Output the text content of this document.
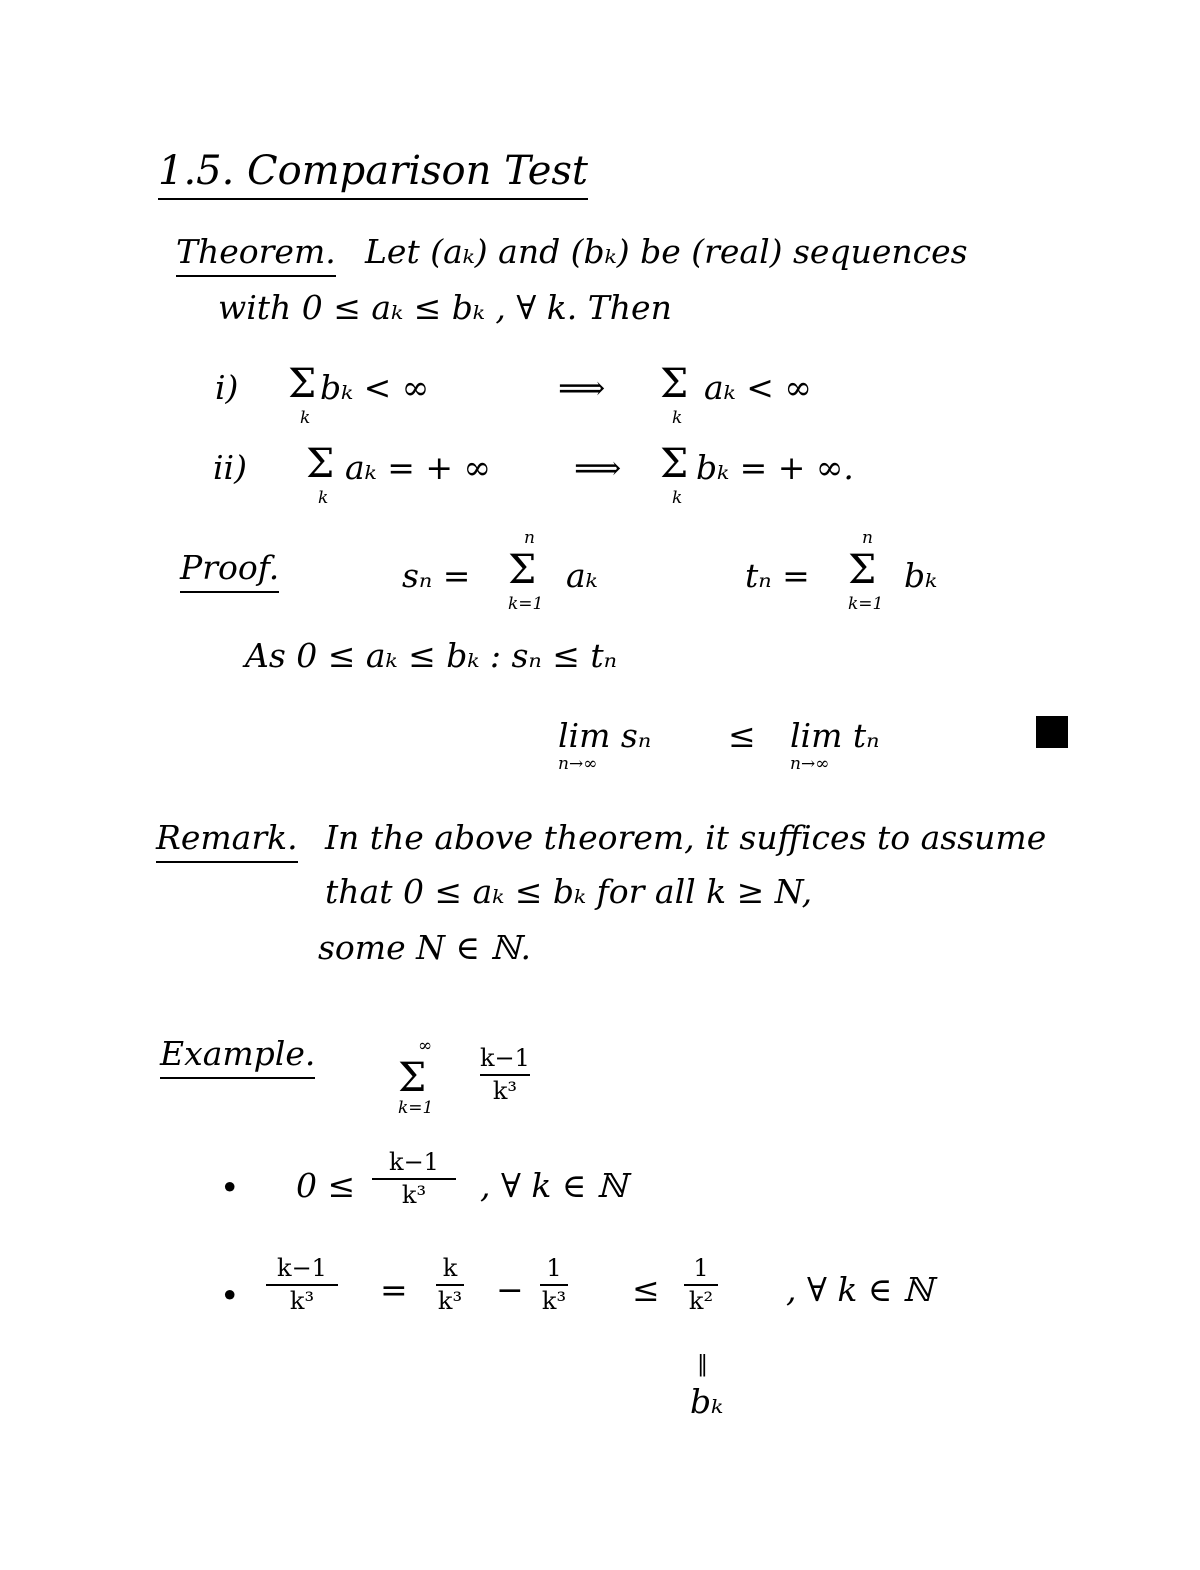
1.5. Comparison Test
Theorem. Let (aₖ) and (bₖ) be (real) sequences
with 0 ≤ aₖ ≤ bₖ , ∀ k. Then
i) Σ
k
bₖ < ∞	⟹ Σ
k
aₖ < ∞
ii) Σ
k
aₖ = + ∞	⟹ Σ
k
bₖ = + ∞.
Proof.	sₙ =
n
Σ
k=1
aₖ	tₙ =
n
Σ
k=1
bₖ
As 0 ≤ aₖ ≤ bₖ : sₙ ≤ tₙ
lim sₙ
n→∞
≤ lim tₙ
n→∞
Remark. In the above theorem, it suffices to assume
that 0 ≤ aₖ ≤ bₖ for all k ≥ N,
some N ∈ ℕ.
Example.	∞
Σ
k=1
k−1
k³
• 0 ≤
k−1
k³ , ∀ k ∈ ℕ
•
k−1
k³ =
k
k³ −
1
k³ ≤
1
k² , ∀ k ∈ ℕ
‖
bₖ
